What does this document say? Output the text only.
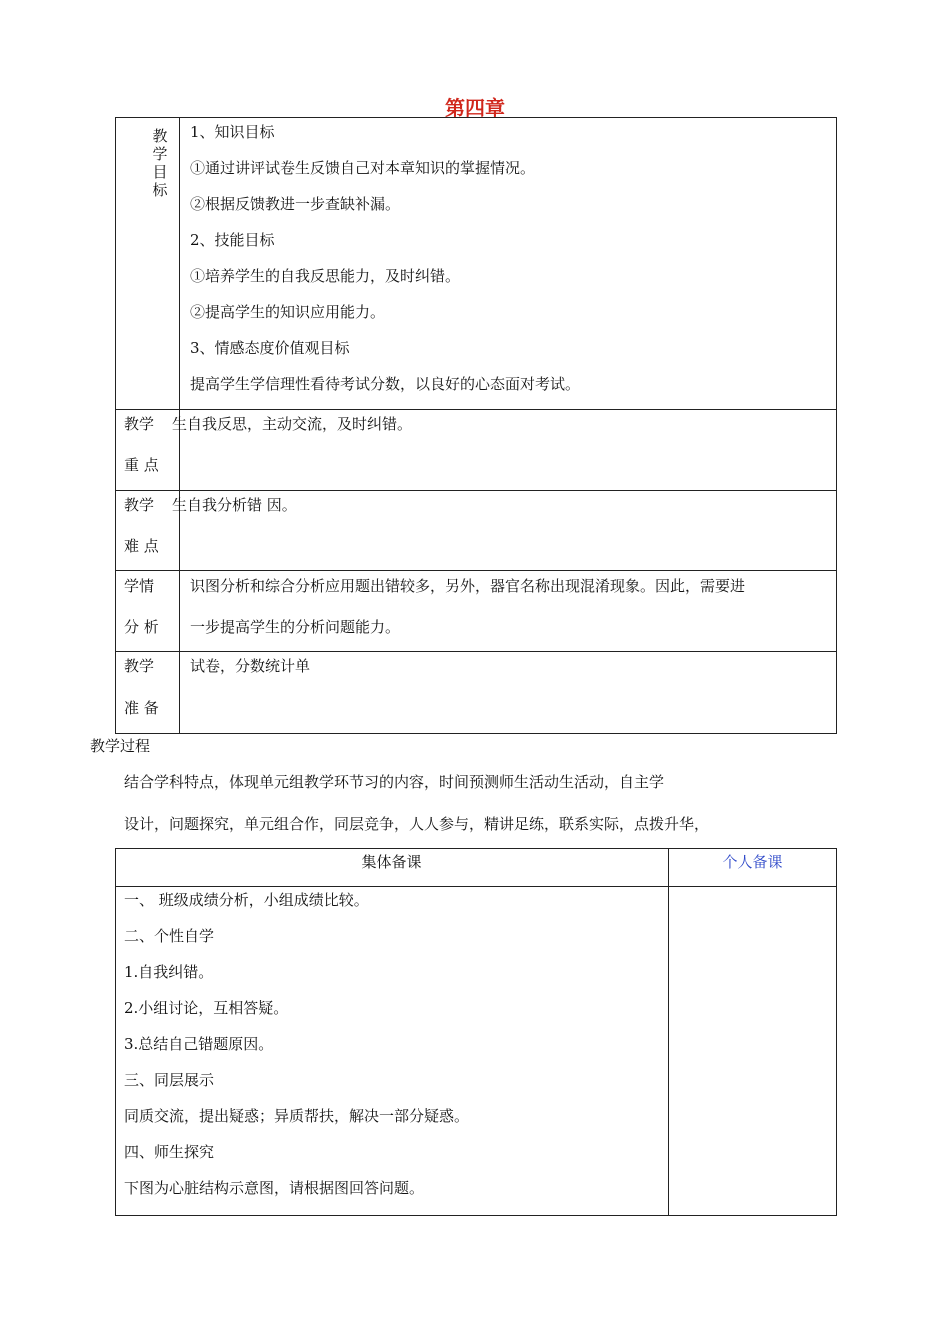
第四章
教学目标
1、知识目标
①通过讲评试卷生反馈自己对本章知识的掌握情况。
②根据反馈教进一步查缺补漏。
2、技能目标
①培养学生的自我反思能力，及时纠错。
②提高学生的知识应用能力。
3、情感态度价值观目标
提高学生学信理性看待考试分数，以良好的心态面对考试。
教学
重 点
生自我反思，主动交流，及时纠错。
教学
难 点
生自我分析错 因。
学情
分 析
识图分析和综合分析应用题出错较多，另外，器官名称出现混淆现象。因此，需要进
一步提高学生的分析问题能力。
教学
准 备
试卷，分数统计单
教学过程
结合学科特点，体现单元组教学环节习的内容，时间预测师生活动生活动，自主学
设计，问题探究，单元组合作，同层竞争，人人参与，精讲足练，联系实际，点拨升华，
集体备课	个人备课
一、 班级成绩分析，小组成绩比较。
二、个性自学
1.自我纠错。
2.小组讨论，互相答疑。
3.总结自己错题原因。
三、同层展示
同质交流，提出疑惑；异质帮扶，解决一部分疑惑。
四、师生探究
下图为心脏结构示意图，请根据图回答问题。
